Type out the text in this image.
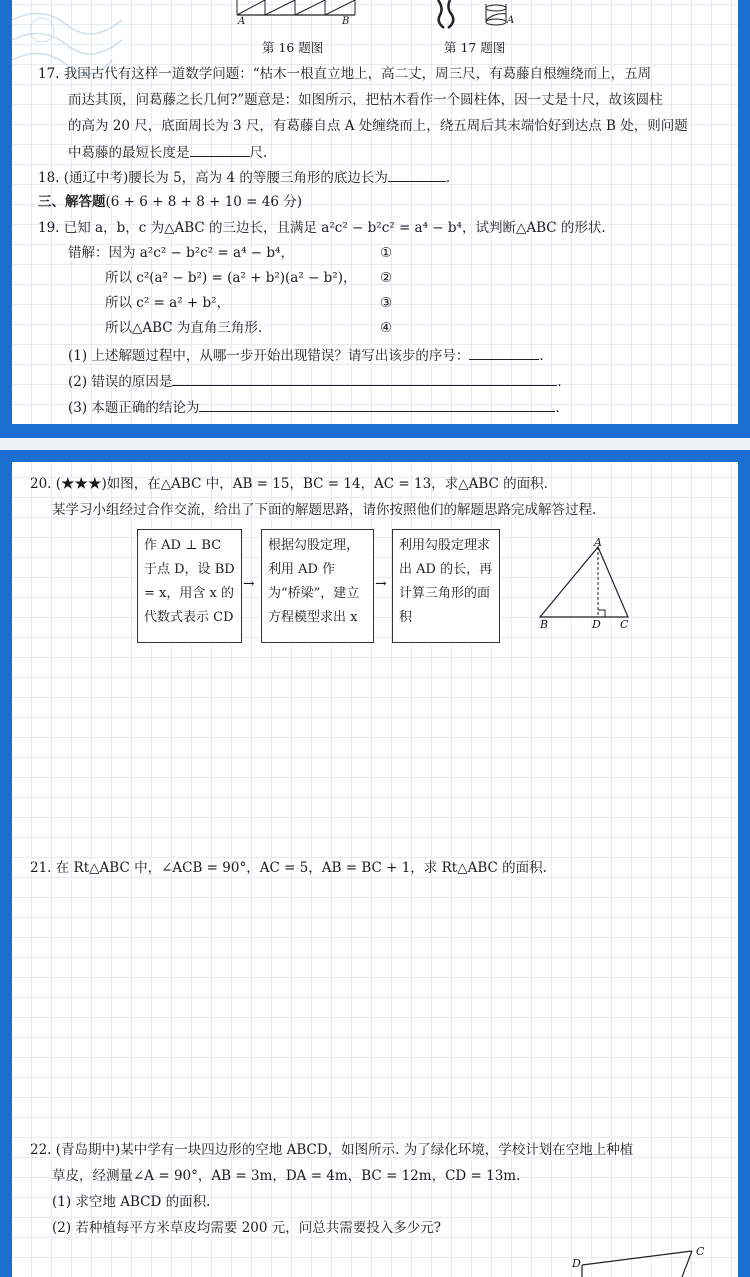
A	B
第 16 题图
A
第 17 题图
17. 我国古代有这样一道数学问题：“枯木一根直立地上，高二丈，周三尺，有葛藤自根缠绕而上，五周
而达其顶，问葛藤之长几何?”题意是：如图所示，把枯木看作一个圆柱体，因一丈是十尺，故该圆柱
的高为 20 尺，底面周长为 3 尺，有葛藤自点 A 处缠绕而上，绕五周后其末端恰好到达点 B 处，则问题
中葛藤的最短长度是	尺.
18. (通辽中考)腰长为 5，高为 4 的等腰三角形的底边长为	.
三、解答题(6 + 6 + 8 + 8 + 10 = 46 分)
19. 已知 a，b，c 为△ABC 的三边长，且满足 a²c² − b²c² = a⁴ − b⁴，试判断△ABC 的形状.
错解：因为 a²c² − b²c² = a⁴ − b⁴，	①
所以 c²(a² − b²) = (a² + b²)(a² − b²)， ②
所以 c² = a² + b²，	③
所以△ABC 为直角三角形.	④
(1) 上述解题过程中，从哪一步开始出现错误？请写出该步的序号：	.
(2) 错误的原因是	.
(3) 本题正确的结论为	.
20. (★★★)如图，在△ABC 中，AB = 15，BC = 14，AC = 13，求△ABC 的面积.
某学习小组经过合作交流，给出了下面的解题思路，请你按照他们的解题思路完成解答过程.
作 AD ⊥ BC 于点 D，设 BD = x，用含 x 的代数式表示 CD
→
根据勾股定理，利用 AD 作为“桥梁”，建立方程模型求出 x
→
利用勾股定理求出 AD 的长，再计算三角形的面积
A
B	D C
21. 在 Rt△ABC 中，∠ACB = 90°，AC = 5，AB = BC + 1，求 Rt△ABC 的面积.
22. (青岛期中)某中学有一块四边形的空地 ABCD，如图所示. 为了绿化环境，学校计划在空地上种植
草皮，经测量∠A = 90°，AB = 3m，DA = 4m，BC = 12m，CD = 13m.
(1) 求空地 ABCD 的面积.
(2) 若种植每平方米草皮均需要 200 元，问总共需要投入多少元?
D
C
